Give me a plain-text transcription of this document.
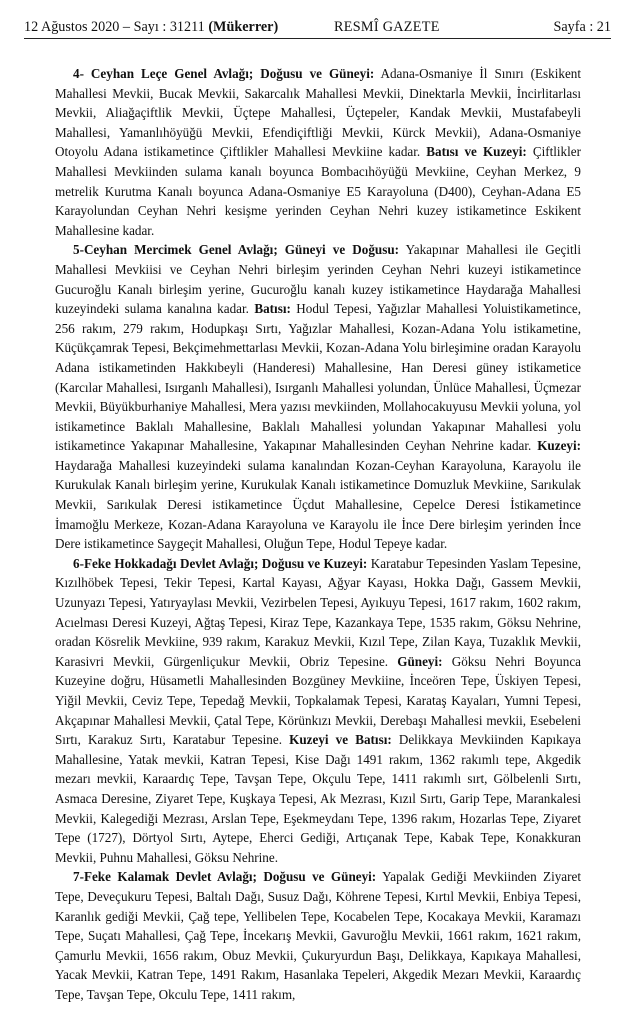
12 Ağustos 2020 – Sayı : 31211 (Mükerrer)	RESMÎ GAZETE	Sayfa : 21

4- Ceyhan Leçe Genel Avlağı; Doğusu ve Güneyi: Adana-Osmaniye İl Sınırı (Eskikent Mahallesi Mevkii, Bucak Mevkii, Sakarcalık Mahallesi Mevkii, Dinektarla Mevkii, İncirlitarlası Mevkii, Aliağaçiftlik Mevkii, Üçtepe Mahallesi, Üçtepeler, Kandak Mevkii, Mustafabeyli Mahallesi, Yamanlıhöyüğü Mevkii, Efendiçiftliği Mevkii, Kürck Mevkii), Adana-Osmaniye Otoyolu Adana istikametince Çiftlikler Mahallesi Mevkiine kadar. Batısı ve Kuzeyi: Çiftlikler Mahallesi Mevkiinden sulama kanalı boyunca Bombacıhöyüğü Mevkiine, Ceyhan Merkez, 9 metrelik Kurutma Kanalı boyunca Adana-Osmaniye E5 Karayoluna (D400), Ceyhan-Adana E5 Karayolundan Ceyhan Nehri kesişme yerinden Ceyhan Nehri kuzey istikametince Eskikent Mahallesine kadar.

5-Ceyhan Mercimek Genel Avlağı; Güneyi ve Doğusu: Yakapınar Mahallesi ile Geçitli Mahallesi Mevkiisi ve Ceyhan Nehri birleşim yerinden Ceyhan Nehri kuzeyi istikametince Gucuroğlu Kanalı birleşim yerine, Gucuroğlu kanalı kuzey istikametince Haydarağa Mahallesi kuzeyindeki sulama kanalına kadar. Batısı: Hodul Tepesi, Yağızlar Mahallesi Yoluistikametince, 256 rakım, 279 rakım, Hodupkaşı Sırtı, Yağızlar Mahallesi, Kozan-Adana Yolu istikametine, Küçükçamrak Tepesi, Bekçimehmettarlası Mevkii, Kozan-Adana Yolu birleşimine oradan Karayolu Adana istikametinden Hakkıbeyli (Handeresi) Mahallesine, Han Deresi güney istikametice (Karcılar Mahallesi, Isırganlı Mahallesi), Isırganlı Mahallesi yolundan, Ünlüce Mahallesi, Üçmezar Mevkii, Büyükburhaniye Mahallesi, Mera yazısı mevkiinden, Mollahocakuyusu Mevkii yoluna, yol istikametince Baklalı Mahallesine, Baklalı Mahallesi yolundan Yakapınar Mahallesi yolu istikametince Yakapınar Mahallesine, Yakapınar Mahallesinden Ceyhan Nehrine kadar. Kuzeyi: Haydarağa Mahallesi kuzeyindeki sulama kanalından Kozan-Ceyhan Karayoluna, Karayolu ile Kurukulak Kanalı birleşim yerine, Kurukulak Kanalı istikametince Domuzluk Mevkiine, Sarıkulak Mevkii, Sarıkulak Deresi istikametince Üçdut Mahallesine, Cepelce Deresi İstikametince İmamoğlu Merkeze, Kozan-Adana Karayoluna ve Karayolu ile İnce Dere birleşim yerinden İnce Dere istikametince Saygeçit Mahallesi, Oluğun Tepe, Hodul Tepeye kadar.

6-Feke Hokkadağı Devlet Avlağı; Doğusu ve Kuzeyi: Karatabur Tepesinden Yaslam Tepesine, Kızılhöbek Tepesi, Tekir Tepesi, Kartal Kayası, Ağyar Kayası, Hokka Dağı, Gassem Mevkii, Uzunyazı Tepesi, Yatıryaylası Mevkii, Vezirbelen Tepesi, Ayıkuyu Tepesi, 1617 rakım, 1602 rakım, Acıelması Deresi Kuzeyi, Ağtaş Tepesi, Kiraz Tepe, Kazankaya Tepe, 1535 rakım, Göksu Nehrine, oradan Kösrelik Mevkiine, 939 rakım, Karakuz Mevkii, Kızıl Tepe, Zilan Kaya, Tuzaklık Mevkii, Karasivri Mevkii, Gürgenliçukur Mevkii, Obriz Tepesine. Güneyi: Göksu Nehri Boyunca Kuzeyine doğru, Hüsametli Mahallesinden Bozgüney Mevkiine, İnceören Tepe, Üskiyen Tepesi, Yiğil Mevkii, Ceviz Tepe, Tepedağ Mevkii, Topkalamak Tepesi, Karataş Kayaları, Yumni Tepesi, Akçapınar Mahallesi Mevkii, Çatal Tepe, Körünkızı Mevkii, Derebaşı Mahallesi mevkii, Esebeleni Sırtı, Karakuz Sırtı, Karatabur Tepesine. Kuzeyi ve Batısı: Delikkaya Mevkiinden Kapıkaya Mahallesine, Yatak mevkii, Katran Tepesi, Kise Dağı 1491 rakım, 1362 rakımlı tepe, Akgedik mezarı mevkii, Karaardıç Tepe, Tavşan Tepe, Okçulu Tepe, 1411 rakımlı sırt, Gölbelenli Sırtı, Asmaca Deresine, Ziyaret Tepe, Kuşkaya Tepesi, Ak Mezrası, Kızıl Sırtı, Garip Tepe, Marankalesi Mevkii, Kalegediği Mezrası, Arslan Tepe, Eşekmeydanı Tepe, 1396 rakım, Hozarlas Tepe, Ziyaret Tepe (1727), Dörtyol Sırtı, Aytepe, Eherci Gediği, Artıçanak Tepe, Kabak Tepe, Konakkuran Mevkii, Puhnu Mahallesi, Göksu Nehrine.

7-Feke Kalamak Devlet Avlağı; Doğusu ve Güneyi: Yapalak Gediği Mevkiinden Ziyaret Tepe, Deveçukuru Tepesi, Baltalı Dağı, Susuz Dağı, Köhrene Tepesi, Kırtıl Mevkii, Enbiya Tepesi, Karanlık gediği Mevkii, Çağ tepe, Yellibelen Tepe, Kocabelen Tepe, Kocakaya Mevkii, Karamazı Tepe, Suçatı Mahallesi, Çağ Tepe, İncekarış Mevkii, Gavuroğlu Mevkii, 1661 rakım, 1621 rakım, Çamurlu Mevkii, 1656 rakım, Obuz Mevkii, Çukuryurdun Başı, Delikkaya, Kapıkaya Mahallesi, Yacak Mevkii, Katran Tepe, 1491 Rakım, Hasanlaka Tepeleri, Akgedik Mezarı Mevkii, Karaardıç Tepe, Tavşan Tepe, Okculu Tepe, 1411 rakım,
